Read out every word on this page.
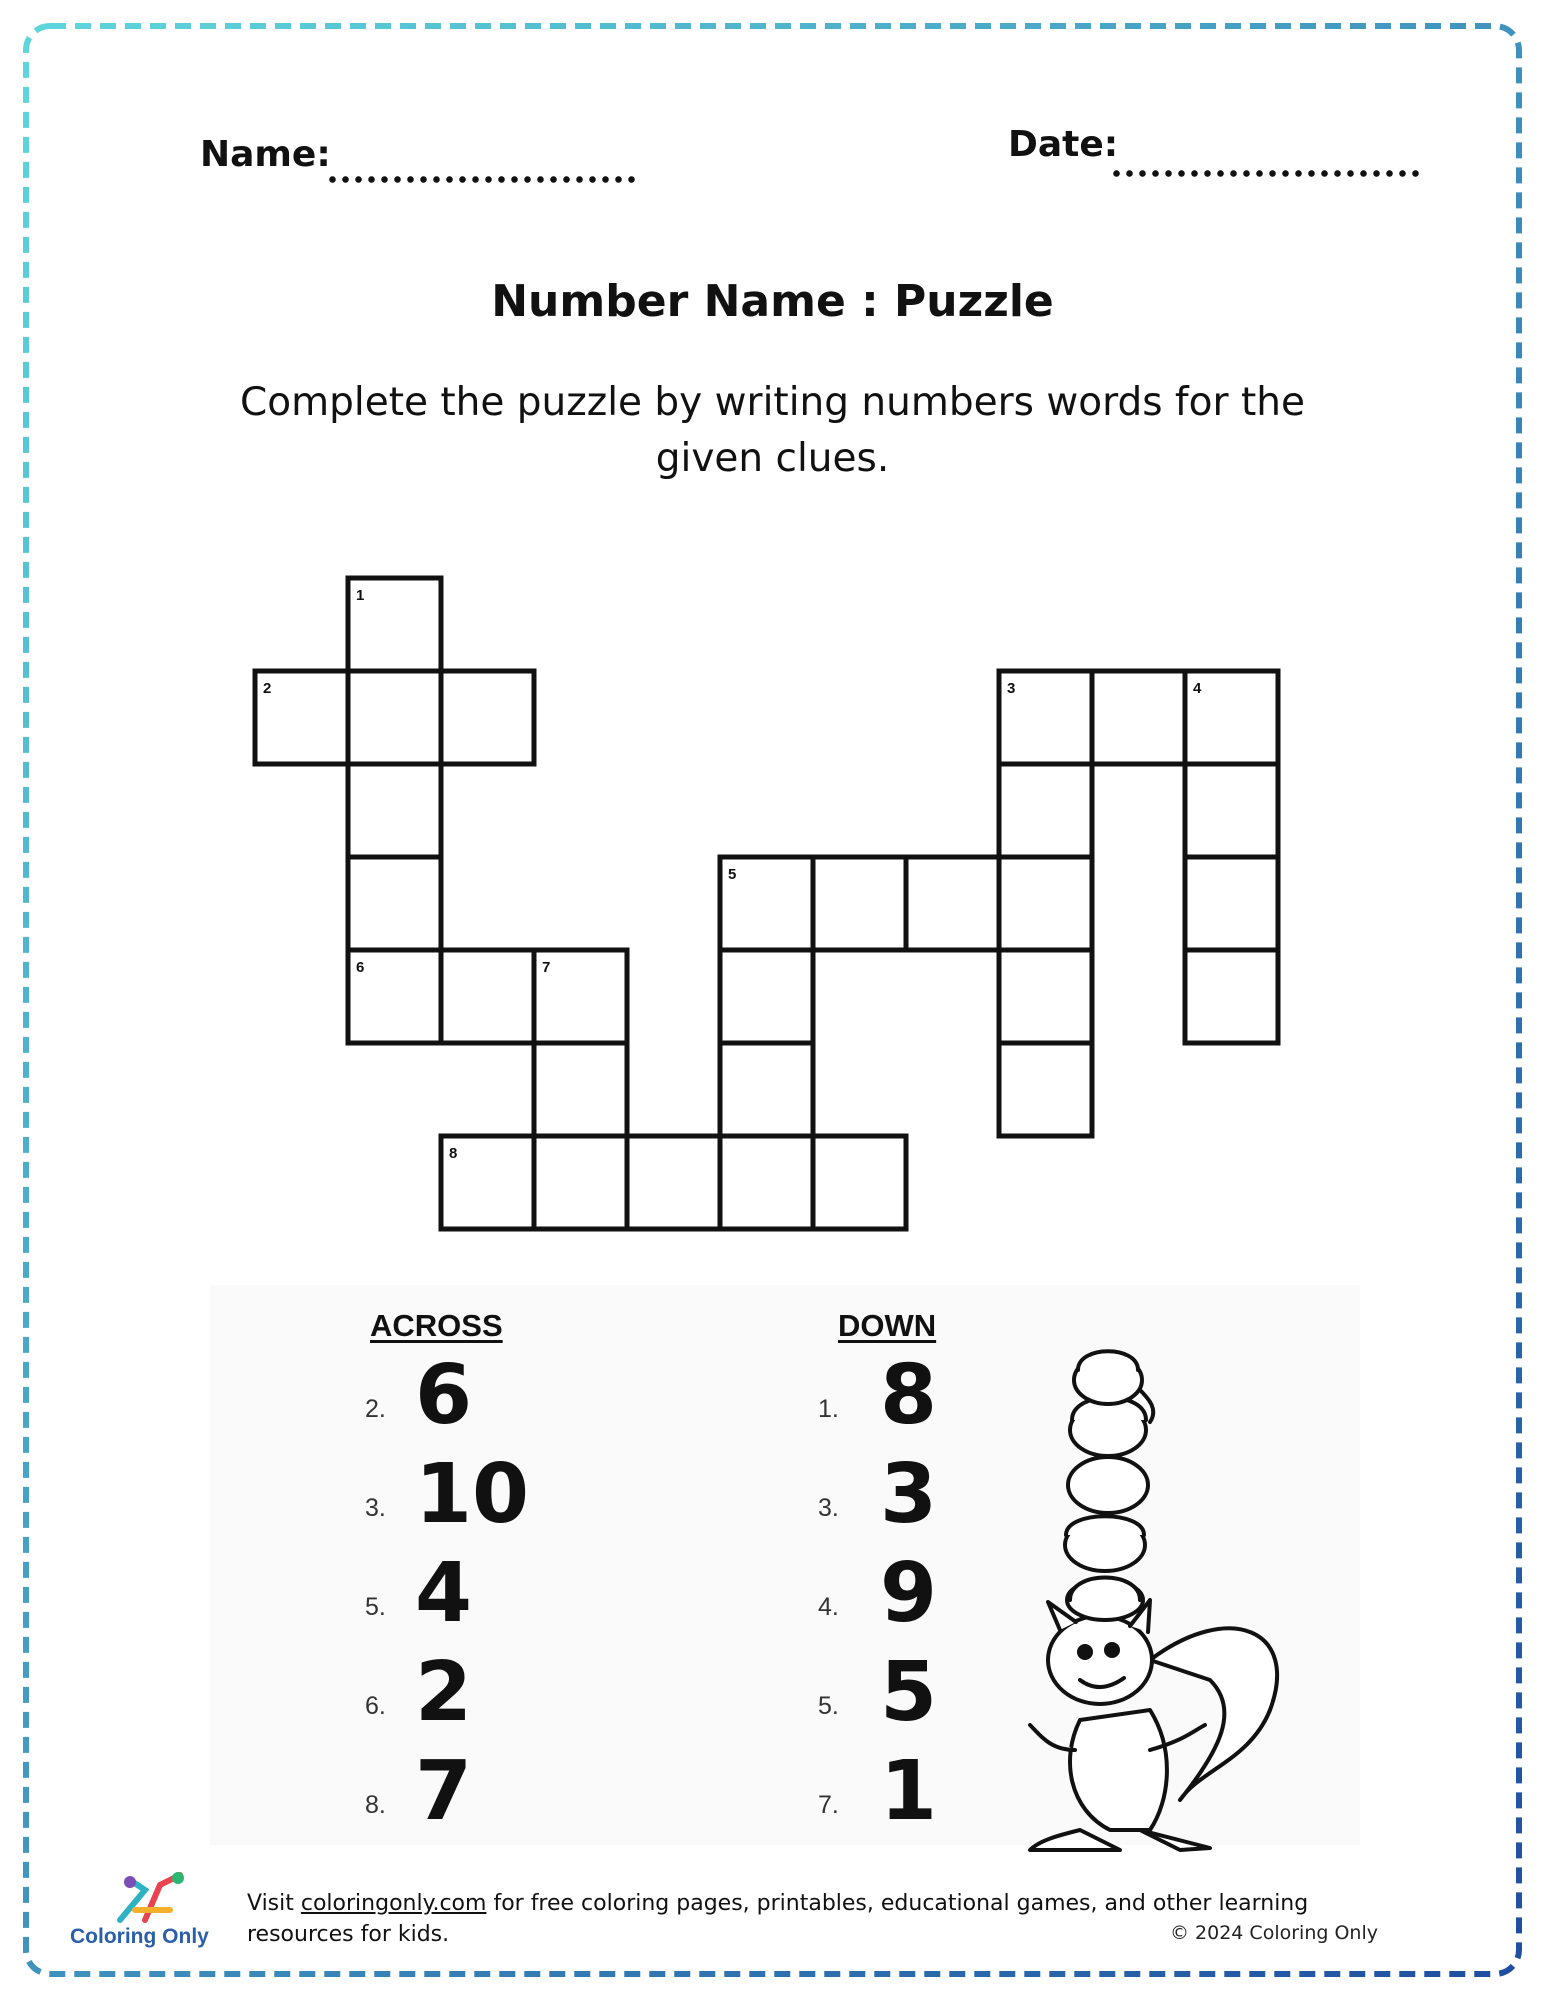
Name:	Date:

Number Name : Puzzle

Complete the puzzle by writing numbers words for the given clues.

1
2	3	4
5
6	7
8
ACROSS	DOWN
2. 6
3. 10
5. 4
6. 2
8. 7
1. 8
3. 3
4. 9
5. 5
7. 1
Coloring Only
Visit coloringonly.com for free coloring pages, printables, educational games, and other learning resources for kids.	© 2024 Coloring Only
